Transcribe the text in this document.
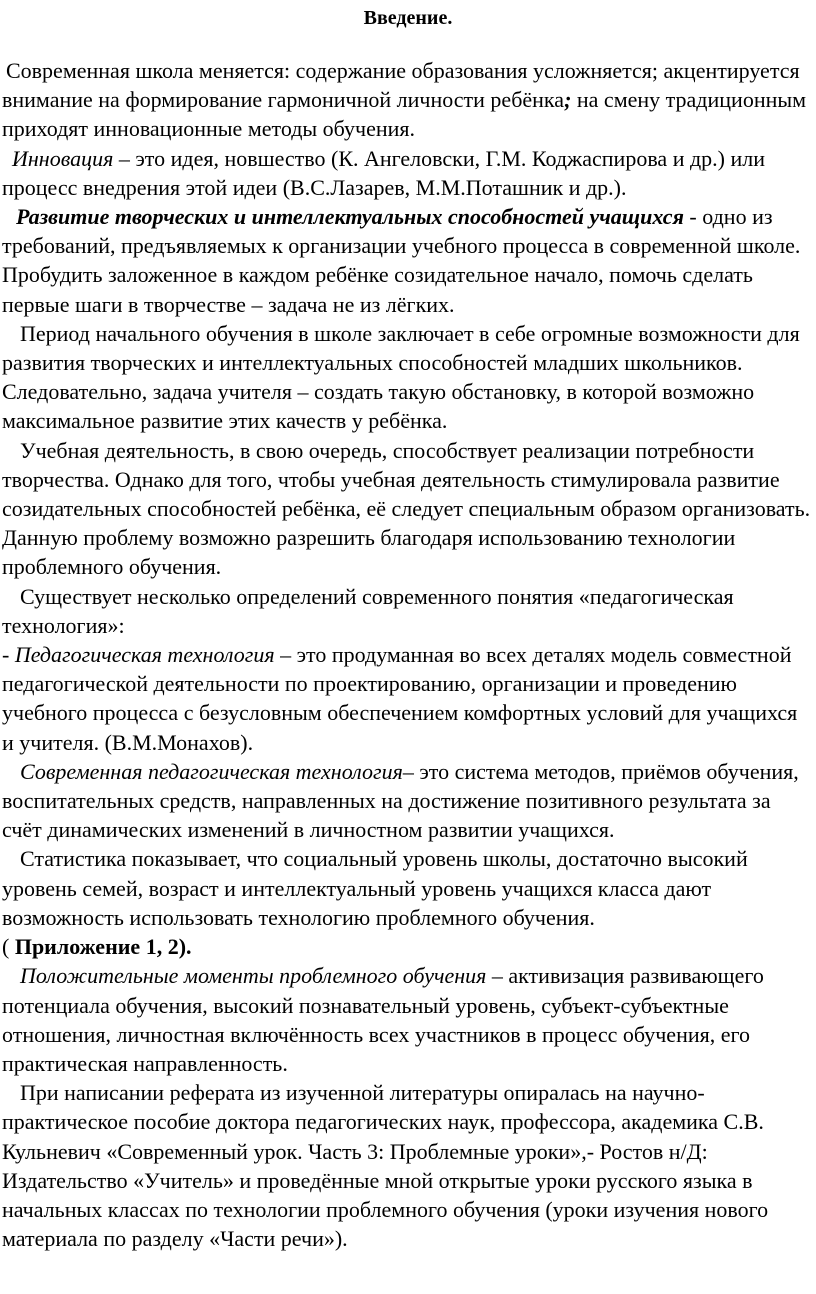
Введение.

Современная школа меняется: содержание образования усложняется; акцентируется внимание на формирование гармоничной личности ребёнка; на смену традиционным приходят инновационные методы обучения.

Инновация – это идея, новшество (К. Ангеловски, Г.М. Коджаспирова и др.) или процесс внедрения этой идеи (В.С.Лазарев, М.М.Поташник и др.).

Развитие творческих и интеллектуальных способностей учащихся - одно из требований, предъявляемых к организации учебного процесса в современной школе. Пробудить заложенное в каждом ребёнке созидательное начало, помочь сделать первые шаги в творчестве – задача не из лёгких.

Период начального обучения в школе заключает в себе огромные возможности для развития творческих и интеллектуальных способностей младших школьников. Следовательно, задача учителя – создать такую обстановку, в которой возможно максимальное развитие этих качеств у ребёнка.

Учебная деятельность, в свою очередь, способствует реализации потребности творчества. Однако для того, чтобы учебная деятельность стимулировала развитие созидательных способностей ребёнка, её следует специальным образом организовать. Данную проблему возможно разрешить благодаря использованию технологии проблемного обучения.

Существует несколько определений современного понятия «педагогическая технология»:

- Педагогическая технология – это продуманная во всех деталях модель совместной педагогической деятельности по проектированию, организации и проведению учебного процесса с безусловным обеспечением комфортных условий для учащихся и учителя. (В.М.Монахов).

Современная педагогическая технология– это система методов, приёмов обучения, воспитательных средств, направленных на достижение позитивного результата за счёт динамических изменений в личностном развитии учащихся.

Статистика показывает, что социальный уровень школы, достаточно высокий уровень семей, возраст и интеллектуальный уровень учащихся класса дают возможность использовать технологию проблемного обучения.
( Приложение 1, 2).

Положительные моменты проблемного обучения – активизация развивающего потенциала обучения, высокий познавательный уровень, субъект-субъектные отношения, личностная включённость всех участников в процесс обучения, его практическая направленность.

При написании реферата из изученной литературы опиралась на научно-практическое пособие доктора педагогических наук, профессора, академика С.В. Кульневич «Современный урок. Часть 3: Проблемные уроки»,- Ростов н/Д: Издательство «Учитель» и проведённые мной открытые уроки русского языка в начальных классах по технологии проблемного обучения (уроки изучения нового материала по разделу «Части речи»).
